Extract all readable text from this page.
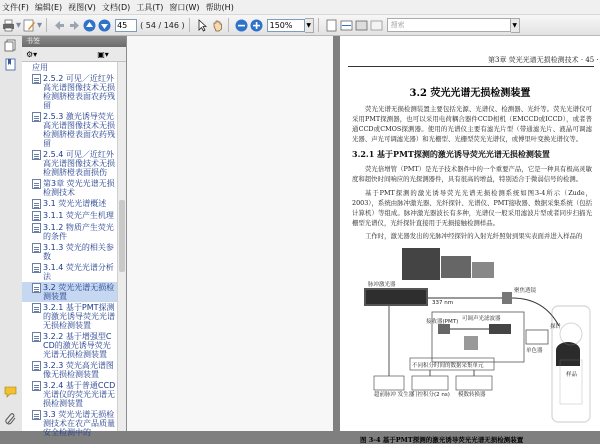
文件(F) 编辑(E) 视图(V) 文档(D) 工具(T) 窗口(W) 帮助(H)
▾ ▾	45	( 54 / 146 )	150%	▼	搜索	▼
书签
⚙▾	▣▾
应用
2.5.2 可见／近红外高光谱图像技术无损检测脐橙表面农药残留
2.5.3 激光诱导荧光高光谱图像技术无损检测脐橙表面农药残留
2.5.4 可见／近红外高光谱图像技术无损检测脐橙表面损伤
第3章 荧光光谱无损检测技术
3.1 荧光光谱概述
3.1.1 荧光产生机理
3.1.2 物质产生荧光的条件
3.1.3 荧光的相关参数
3.1.4 荧光光谱分析法
3.2 荧光光谱无损检测装置
3.2.1 基于PMT探测的激光诱导荧光光谱无损检测装置
3.2.2 基于增强型CCD的激光诱导荧光光谱无损检测装置
3.2.3 荧光高光谱图像无损检测装置
3.2.4 基于普通CCD光谱仪的荧光光谱无损检测装置
3.3 荧光光谱无损检测技术在农产品质量安全检测中的
第3章 荧光光谱无损检测技术 · 45 ·
3.2 荧光光谱无损检测装置
荧光光谱无损检测装置主要包括光源、光谱仪、检测器、光纤等。荧光光谱仪可采用PMT探测器，也可以采用电荷耦合器件CCD相机（EMCCD或ICCD），或者普通CCD或CMOS探测器。使用的光谱仪主要有滤光片型（带通滤光片、液晶可调滤光器、声光可调滤光器）和光栅型、光栅型荧光光谱仪，或傅里叶变换光谱仪等。
3.2.1 基于PMT探测的激光诱导荧光光谱无损检测装置
荧光倍增管（PMT）是光子技术器件中的一个重要产品，它是一种具有极高灵敏度和超快时间响应的光探测器件，具有很高的增益，特别适合于微弱信号的检测。
基于PMT探测的激光诱导荧光光谱无损检测系统如图3-4所示（Zude，2003），系统由脉冲激光器、光纤探针、光谱仪、PMT接收器、数据采集系统（包括计算机）等组成。脉冲激光器波长有多种，光谱仪一般采用滤波片型或者同步扫描光栅型光谱仪，光纤探针直接用于无损接触检测样品。
工作时，激光器发出的光脉冲经探针的入射光纤照射到果实表面并进入样品的
脉冲激光器
337 nm
聚焦透镜
接收器(PMT) 可调声光滤波器
探针
单色器
不同积分时间的数据采集单元
超前脉冲 发生器
门控积分(2 ns) 模数转换器
样品
图 3-4 基于PMT探测的激光诱导荧光光谱无损检测装置
